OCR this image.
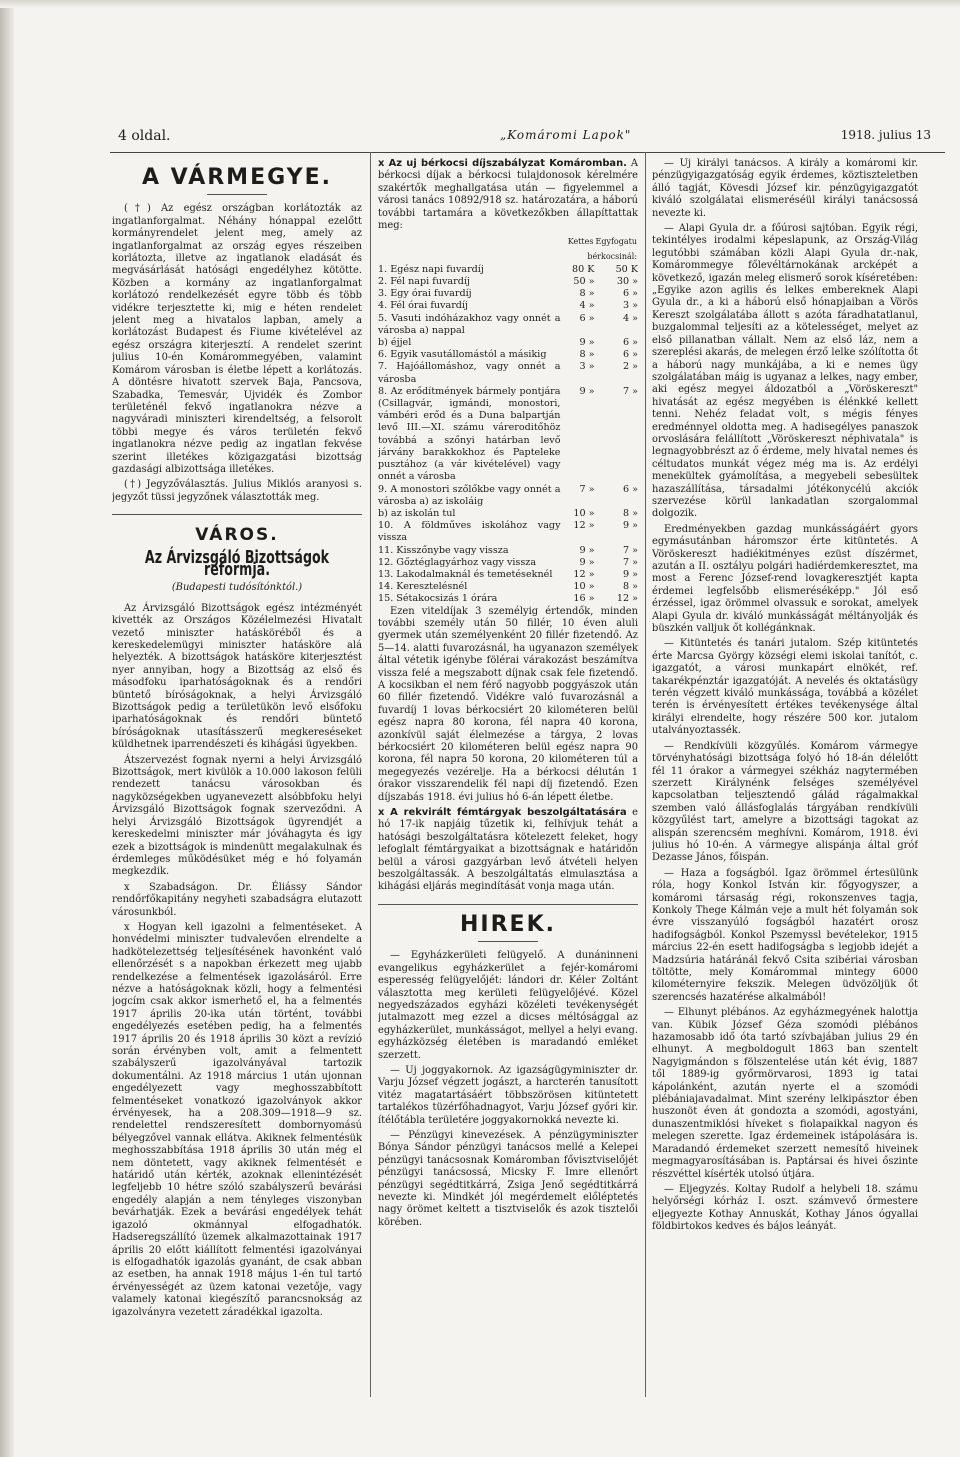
4 oldal.	„Komáromi Lapok"	1918. julius 13
A VÁRMEGYE.

(†) Az egész országban korlátozták az ingatlanforgalmat. Néhány hónappal ezelőtt kormányrendelet jelent meg, amely az ingatlanforgalmat az ország egyes részeiben korlátozta, illetve az ingatlanok eladását és megvásárlását hatósági engedélyhez kötötte. Közben a kormány az ingatlanforgalmat korlátozó rendelkezését egyre több és több vidékre terjesztette ki, mig e héten rendelet jelent meg a hivatalos lapban, amely a korlátozást Budapest és Fiume kivételével az egész országra kiterjesztí. A rendelet szerint julius 10-én Komárommegyében, valamint Komárom városban is életbe lépett a korlátozás. A döntésre hivatott szervek Baja, Pancsova, Szabadka, Temesvár, Ujvidék és Zombor területénél fekvő ingatlanokra nézve a nagyváradi miniszteri kirendeltség, a felsorolt többi megye és város területén fekvő ingatlanokra nézve pedig az ingatlan fekvése szerint illetékes közigazgatási bizottság gazdasági albizottsága illetékes.

(†) Jegyzőválasztás. Julius Miklós aranyosi s. jegyzőt tüssi jegyzőnek választották meg.

VÁROS.
Az Árvizsgáló Bizottságok reformja.
(Budapesti tudósítónktól.)

Az Árvizsgáló Bizottságok egész intézményét kivették az Országos Közélelmezési Hivatalt vezető miniszter hatásköréből és a kereskedelemügyi miniszter hatásköre alá helyezték. A bizottságok hatásköre kiterjesztést nyer annyiban, hogy a Bizottság az első és másodfoku iparhatóságoknak és a rendőri büntető bíróságoknak, a helyi Árvizsgáló Bizottságok pedig a területükön levő elsőfoku iparhatóságoknak és rendőri büntető bíróságoknak utasításszerű megkereséseket küldhetnek iparrendészeti és kihágási ügyekben.

Átszervezést fognak nyerni a helyi Árvizsgáló Bizottságok, mert kivülök a 10.000 lakoson felüli rendezett tanácsu városokban és nagyközségekben ugyanevezett alsóbbfoku helyi Árvizsgáló Bizottságok fognak szerveződni. A helyi Árvizsgáló Bizottságok ügyrendjét a kereskedelmi miniszter már jóváhagyta és igy ezek a bizottságok is mindenütt megalakulnak és érdemleges működésüket még e hó folyamán megkezdik.

x Szabadságon. Dr. Éliássy Sándor rendőrfőkapitány negyheti szabadságra elutazott városunkból.

x Hogyan kell igazolni a felmentéseket. A honvédelmi miniszter tudvalevően elrendelte a hadkötelezettség teljesítésének havonként való ellenőrzését s a napokban érkezett meg ujabb rendelkezése a felmentések igazolásáról. Erre nézve a hatóságoknak közli, hogy a felmentési jogcím csak akkor ismerhető el, ha a felmentés 1917 április 20-ika után történt, további engedélyezés esetében pedig, ha a felmentés 1917 április 20 és 1918 április 30 közt a revízió során érvényben volt, amit a felmentett szabályszerű igazolványával tartozik dokumentálni. Az 1918 március 1 után ujonnan engedélyezett vagy meghosszabbított felmentéseket vonatkozó igazolványok akkor érvényesek, ha a 208.309—1918—9 sz. rendelettel rendszeresített dombornyomású bélyegzővel vannak ellátva. Akiknek felmentésük meghosszabbítása 1918 április 30 után még el nem döntetett, vagy akiknek felmentését e határidő után kérték, azoknak ellenintézését legfeljebb 10 hétre szóló szabályszerű bevárási engedély alapján a nem tényleges viszonyban bevárhatják. Ezek a bevárási engedélyek tehát igazoló okmánnyal elfogadhatók. Hadseregszállító üzemek alkalmazottainak 1917 április 20 előtt kiállított felmentési igazolványai is elfogadhatók igazolás gyanánt, de csak abban az esetben, ha annak 1918 május 1-én tul tartó érvényességét az üzem katonai vezetője, vagy valamely katonai kiegészítő parancsnokság az igazolványra vezetett záradékkal igazolta.

x Az uj bérkocsi díjszabályzat Komáromban. A bérkocsi díjak a bérkocsi tulajdonosok kérelmére szakértők meghallgatása után — figyelemmel a városi tanács 10892/918 sz. határozatára, a háború további tartamára a következőkben állapíttattak meg:

	Kettes	Egyfogatu
	bérkocsinál:	
1. Egész napi fuvardíj	80 K	50 K
2. Fél napi fuvardíj	50 »	30 »
3. Egy órai fuvardíj	8 »	6 »
4. Fél órai fuvardíj	4 »	3 »
5. Vasuti indóházakhoz vagy onnét a városba a) nappal	6 »	4 »
b) éjjel	9 »	6 »
6. Egyik vasutállomástól a másikig	8 »	6 »
7. Hajóállomáshoz, vagy onnét a városba	3 »	2 »
8. Az erődítmények bármely pontjára (Csillagvár, igmándi, monostori, vámbéri erőd és a Duna balpartján levő III.—XI. számu váreroditőhöz továbbá a szőnyi határban levő járvány barakkokhoz és Papteleke pusztához (a vár kivételével) vagy onnét a városba	9 »	7 »
9. A monostori szőlőkbe vagy onnét a városba a) az iskoláig	7 »	6 »
b) az iskolán tul	10 »	8 »
10. A földműves iskolához vagy vissza	12 »	9 »
11. Kisszőnybe vagy vissza	9 »	7 »
12. Gőztéglagyárhoz vagy vissza	9 »	7 »
13. Lakodalmaknál és temetéseknél	12 »	9 »
14. Keresztelésnél	10 »	8 »
15. Sétakocsizás 1 órára	16 »	12 »

Ezen viteldíjak 3 személyig értendők, minden további személy után 50 fillér, 10 éven aluli gyermek után személyenként 20 fillér fizetendő. Az 5—14. alatti fuvarozásnál, ha ugyanazon személyek által vétetik igénybe fölérai várakozást beszámítva vissza felé a megszabott díjnak csak fele fizetendő. A kocsikban el nem férő nagyobb poggyászok után 60 fillér fizetendő. Vidékre való fuvarozásnál a fuvardíj 1 lovas bérkocsiért 20 kilométeren belül egész napra 80 korona, fél napra 40 korona, azonkívül saját élelmezése a tárgya, 2 lovas bérkocsiért 20 kilométeren belül egész napra 90 korona, fél napra 50 korona, 20 kilométeren túl a megegyezés vezérelje. Ha a bérkocsi délután 1 órakor visszarendelik fél napi díj fizetendő. Ezen díjszabás 1918. évi julius hó 6-án lépett életbe.

x A rekvirált fémtárgyak beszolgáltatására e hó 17-ik napjáig tűzetik ki, felhívjuk tehát a hatósági beszolgáltatásra kötelezett feleket, hogy lefoglalt fémtárgyaikat a bizottságnak e határidőn belül a városi gazgyárban levő átvételi helyen beszolgáltassák. A beszolgáltatás elmulasztása a kihágási eljárás megindítását vonja maga után.

HIREK.

— Egyházkerületi felügyelő. A dunáninneni evangelikus egyházkerület a fejér-komáromi esperesség felügyelőjét: lándori dr. Kéler Zoltánt választotta meg kerületi felügyelőjévé. Közel negyedszázados egyházi közéleti tevékenységét jutalmazott meg ezzel a dicses méltósággal az egyházkerület, munkásságot, mellyel a helyi evang. egyházközség életében is maradandó emléket szerzett.

— Uj joggyakornok. Az igazságügyminiszter dr. Varju József végzett jogászt, a harcterén tanusított vitéz magatartásáért többszörösen kitüntetett tartalékos tüzérfőhadnagyot, Varju József győri kir. ítélőtábla területére joggyakornokká nevezte ki.

— Pénzügyi kinevezések. A pénzügyminiszter Bónya Sándor pénzügyi tanácsos mellé a Kelepei pénzügyi tanácsosnak Komáromban fővisztviselőjét pénzügyi tanácsossá, Micsky F. Imre ellenőrt pénzügyi segédtitkárrá, Zsiga Jenő segédtitkárrá nevezte ki. Mindkét jól megérdemelt előléptetés nagy örömet keltett a tisztviselők és azok tisztelői körében.

— Uj királyi tanácsos. A király a komáromi kir. pénzügyigazgatóság egyik érdemes, köztiszteletben álló tagját, Kövesdi József kir. pénzügyigazgatót kiváló szolgálatai elismeréséül királyi tanácsossá nevezte ki.

— Alapi Gyula dr. a főúrosi sajtóban. Egyik régi, tekintélyes irodalmi képeslapunk, az Ország-Világ legutóbbi számában közli Alapi Gyula dr.-nak, Komárommegye főlevéltárnokának arcképét a következő, igazán meleg elismerő sorok kíséretében: „Egyike azon agilis és lelkes embereknek Alapi Gyula dr., a ki a háború első hónapjaiban a Vörös Kereszt szolgálatába állott s azóta fáradhatatlanul, buzgalommal teljesíti az a kötelességet, melyet az első pillanatban vállalt. Nem az első láz, nem a szereplési akarás, de melegen érző lelke szólította őt a háború nagy munkájába, a ki e nemes ügy szolgálatában máig is ugyanaz a lelkes, nagy ember, aki egész megyei áldozatból a „Vöröskereszt" hivatását az egész megyében is élénkké kellett tenni. Nehéz feladat volt, s mégis fényes eredménnyel oldotta meg. A hadisegélyes panaszok orvoslására felállított „Vöröskereszt néphivatala" is legnagyobbrészt az ő érdeme, mely hivatal nemes és céltudatos munkát végez még ma is. Az erdélyi menekültek gyámolítása, a megyebeli sebesültek hazaszállítása, társadalmi jótékonycélú akciók szervezése körül lankadatlan szorgalommal dolgozik.

Eredményekben gazdag munkásságáért gyors egymásutánban háromszor érte kitüntetés. A Vöröskereszt hadiékitményes ezüst díszérmet, azután a II. osztályu polgári hadiérdemkeresztet, ma most a Ferenc József-rend lovagkeresztjét kapta érdemei legfelsőbb elismeréséképp." Jól eső érzéssel, igaz örömmel olvassuk e sorokat, amelyek Alapi Gyula dr. kiváló munkásságát méltányolják és büszkén valljuk őt kollégánknak.

— Kitüntetés és tanári jutalom. Szép kitüntetés érte Marcsa György községi elemi iskolai tanítót, c. igazgatót, a városi munkapárt elnökét, ref. takarékpénztár igazgatóját. A nevelés és oktatásügy terén végzett kiváló munkássága, továbbá a közélet terén is érvényesített értékes tevékenysége által királyi elrendelte, hogy részére 500 kor. jutalom utalványoztassék.

— Rendkívüli közgyűlés. Komárom vármegye törvényhatósági bizottsága folyó hó 18-án délelőtt fél 11 órakor a vármegyei székház nagytermében szerzett Királynénk felséges személyével kapcsolatban teljesztendő gálád rágalmakkal szemben való állásfoglalás tárgyában rendkívüli közgyűlést tart, amelyre a bizottsági tagokat az alispán szerencsém meghívni. Komárom, 1918. évi julius hó 10-én. A vármegye alispánja által gróf Dezasse János, főispán.

— Haza a fogságból. Igaz örömmel értesülünk róla, hogy Konkol István kir. főgyogyszer, a komáromi társaság régi, rokonszenves tagja, Konkoly Thege Kálmán veje a mult hét folyamán sok évre visszanyúló fogságból hazatért orosz hadifogságból. Konkol Pszemyssl bevételekor, 1915 március 22-én esett hadifogságba s legjobb idejét a Madzsúria határánál fekvő Csita szibériai városban töltötte, mely Komárommal mintegy 6000 kilométernyire fekszik. Melegen üdvözöljük őt szerencsés hazatérése alkalmából!

— Elhunyt plébános. Az egyházmegyének halottja van. Kübik József Géza szomódi plébános hazamosabb idő óta tartó szívbajában julius 29 én elhunyt. A megboldogult 1863 ban szentelt Nagyigmándon s fölszentelése után két évig, 1887 től 1889-ig győrmörvarosi, 1893 ig tatai kápolánként, azután nyerte el a szomódi plébániajavadalmat. Mint szerény lelkipásztor ében huszonöt éven át gondozta a szomódi, agostyáni, dunaszentmiklósi híveket s fiolapaikkal nagyon és melegen szerette. Igaz érdemeinek istápolására is. Maradandó érdemeket szerzett nemesítő hiveinek megmagyarosításában is. Paptársai és hivei őszinte részvéttel kísérték utolsó útjára.

— Eljegyzés. Koltay Rudolf a helybeli 18. számu helyőrségi kórház I. oszt. számvevő őrmestere eljegyezte Kothay Annuskát, Kothay János ógyallai földbirtokos kedves és bájos leányát.
